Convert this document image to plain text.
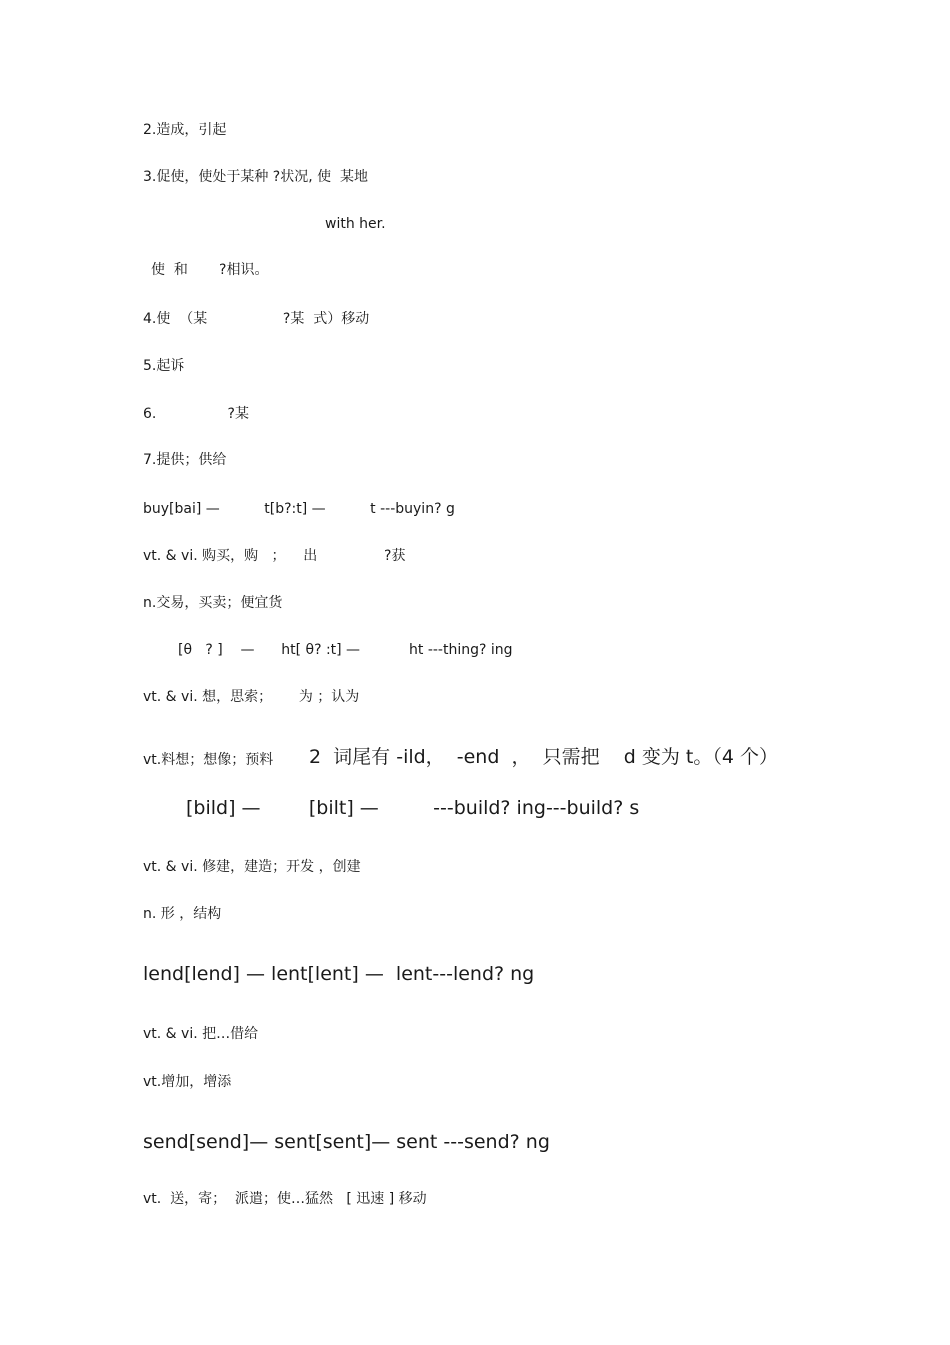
2.造成，引起
3.促使，使处于某种 ?状况, 使  某地
with her.
使  和       ?相识。
4.使  （某                 ?某  式）移动
5.起诉
6.                ?某
7.提供；供给
buy[bai] —          t[b?:t] —          t ---buyin? g
vt. & vi. 购买，购   ；    出               ?获
n.交易，买卖；便宜货
[θ   ? ]    —      ht[ θ? :t] —           ht ---thing? ing
vt. & vi. 想，思索；      为 ；认为
vt.料想；想像；预料 2  词尾有 -ild，  -end  ，  只需把    d 变为 t。（4 个）
[bild] —        [bilt] —         ---build? ing---build? s
vt. & vi. 修建，建造；开发 ，创建
n. 形 ，结构
lend[lend] — lent[lent] —  lent---lend? ng
vt. & vi. 把…借给
vt.增加，增添
send[send]— sent[sent]— sent ---send? ng
vt.  送，寄；  派遣；使…猛然   [ 迅速 ] 移动
